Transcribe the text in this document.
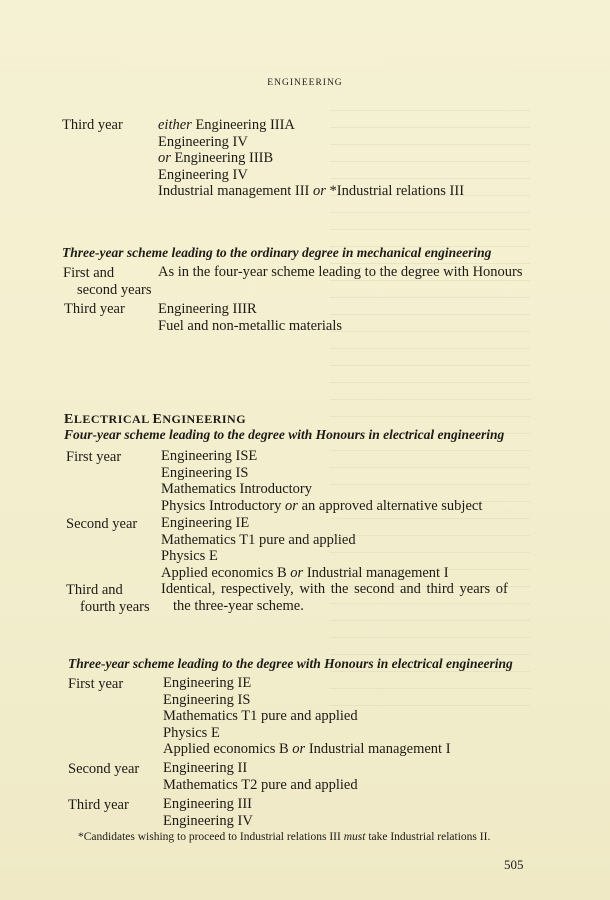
ENGINEERING
Third year either Engineering IIIA
Engineering IV
or Engineering IIIB
Engineering IV
Industrial management III or *Industrial relations III
Three-year scheme leading to the ordinary degree in mechanical engineering
First and
second years
As in the four-year scheme leading to the degree with Honours
Third year Engineering IIIR
Fuel and non-metallic materials
ELECTRICAL ENGINEERING
Four-year scheme leading to the degree with Honours in electrical engineering
First year	Engineering ISE
Engineering IS
Mathematics Introductory
Physics Introductory or an approved alternative subject
Second year Engineering IE
Mathematics T1 pure and applied
Physics E
Applied economics B or Industrial management I
Third and
fourth years
Identical, respectively, with the second and third years of
the three-year scheme.
Three-year scheme leading to the degree with Honours in electrical engineering
First year	Engineering IE
Engineering IS
Mathematics T1 pure and applied
Physics E
Applied economics B or Industrial management I
Second year Engineering II
Mathematics T2 pure and applied
Third year Engineering III
Engineering IV
*Candidates wishing to proceed to Industrial relations III must take Industrial relations II.
505
